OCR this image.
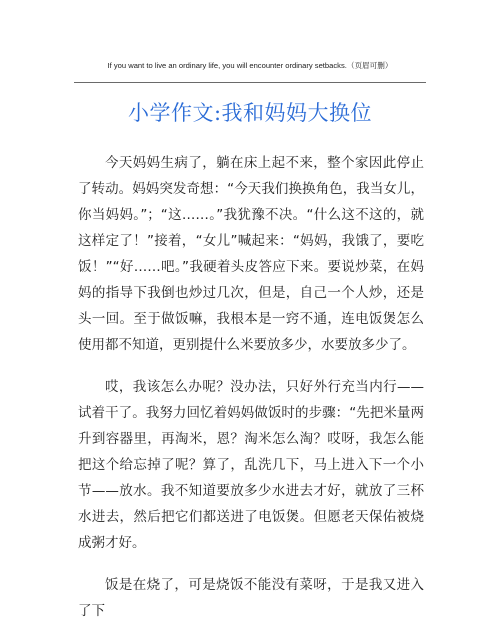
If you want to live an ordinary life, you will encounter ordinary setbacks.（页眉可删）
小学作文:我和妈妈大换位

今天妈妈生病了，躺在床上起不来，整个家因此停止了转动。妈妈突发奇想：“今天我们换换角色，我当女儿，你当妈妈。”；“这……。”我犹豫不决。“什么这不这的，就这样定了！”接着，“女儿”喊起来：“妈妈，我饿了，要吃饭！”“好……吧。”我硬着头皮答应下来。要说炒菜，在妈妈的指导下我倒也炒过几次，但是，自己一个人炒，还是头一回。至于做饭嘛，我根本是一窍不通，连电饭煲怎么使用都不知道，更别提什么米要放多少，水要放多少了。

哎，我该怎么办呢？没办法，只好外行充当内行——试着干了。我努力回忆着妈妈做饭时的步骤：“先把米量两升到容器里，再淘米，恩？淘米怎么淘？哎呀，我怎么能把这个给忘掉了呢？算了，乱洗几下，马上进入下一个小节——放水。我不知道要放多少水进去才好，就放了三杯水进去，然后把它们都送进了电饭煲。但愿老天保佑被烧成粥才好。

饭是在烧了，可是烧饭不能没有菜呀，于是我又进入了下
